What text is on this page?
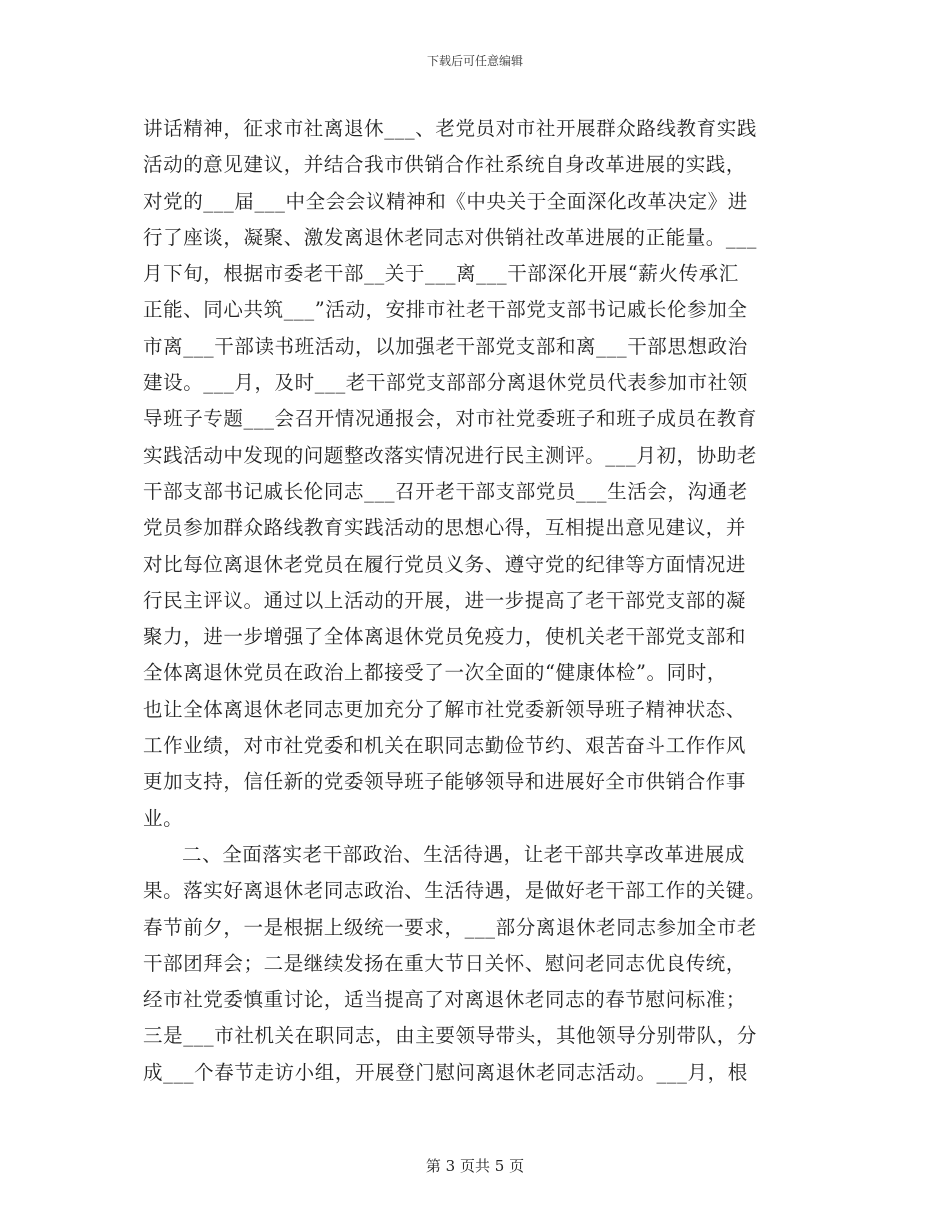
下载后可任意编辑

讲话精神，征求市社离退休___、老党员对市社开展群众路线教育实践
活动的意见建议，并结合我市供销合作社系统自身改革进展的实践，
对党的___届___中全会会议精神和《中央关于全面深化改革决定》进
行了座谈，凝聚、激发离退休老同志对供销社改革进展的正能量。___
月下旬，根据市委老干部__关于___离___干部深化开展“薪火传承汇
正能、同心共筑___”活动，安排市社老干部党支部书记戚长伦参加全
市离___干部读书班活动，以加强老干部党支部和离___干部思想政治
建设。___月，及时___老干部党支部部分离退休党员代表参加市社领
导班子专题___会召开情况通报会，对市社党委班子和班子成员在教育
实践活动中发现的问题整改落实情况进行民主测评。___月初，协助老
干部支部书记戚长伦同志___召开老干部支部党员___生活会，沟通老
党员参加群众路线教育实践活动的思想心得，互相提出意见建议，并
对比每位离退休老党员在履行党员义务、遵守党的纪律等方面情况进
行民主评议。通过以上活动的开展，进一步提高了老干部党支部的凝
聚力，进一步增强了全体离退休党员免疫力，使机关老干部党支部和
全体离退休党员在政治上都接受了一次全面的“健康体检”。同时，
也让全体离退休老同志更加充分了解市社党委新领导班子精神状态、
工作业绩，对市社党委和机关在职同志勤俭节约、艰苦奋斗工作作风
更加支持，信任新的党委领导班子能够领导和进展好全市供销合作事
业。

二、全面落实老干部政治、生活待遇，让老干部共享改革进展成
果。落实好离退休老同志政治、生活待遇，是做好老干部工作的关键。
春节前夕，一是根据上级统一要求，___部分离退休老同志参加全市老
干部团拜会；二是继续发扬在重大节日关怀、慰问老同志优良传统，
经市社党委慎重讨论，适当提高了对离退休老同志的春节慰问标准；
三是___市社机关在职同志，由主要领导带头，其他领导分别带队，分
成___个春节走访小组，开展登门慰问离退休老同志活动。___月，根

第 3 页共 5 页
